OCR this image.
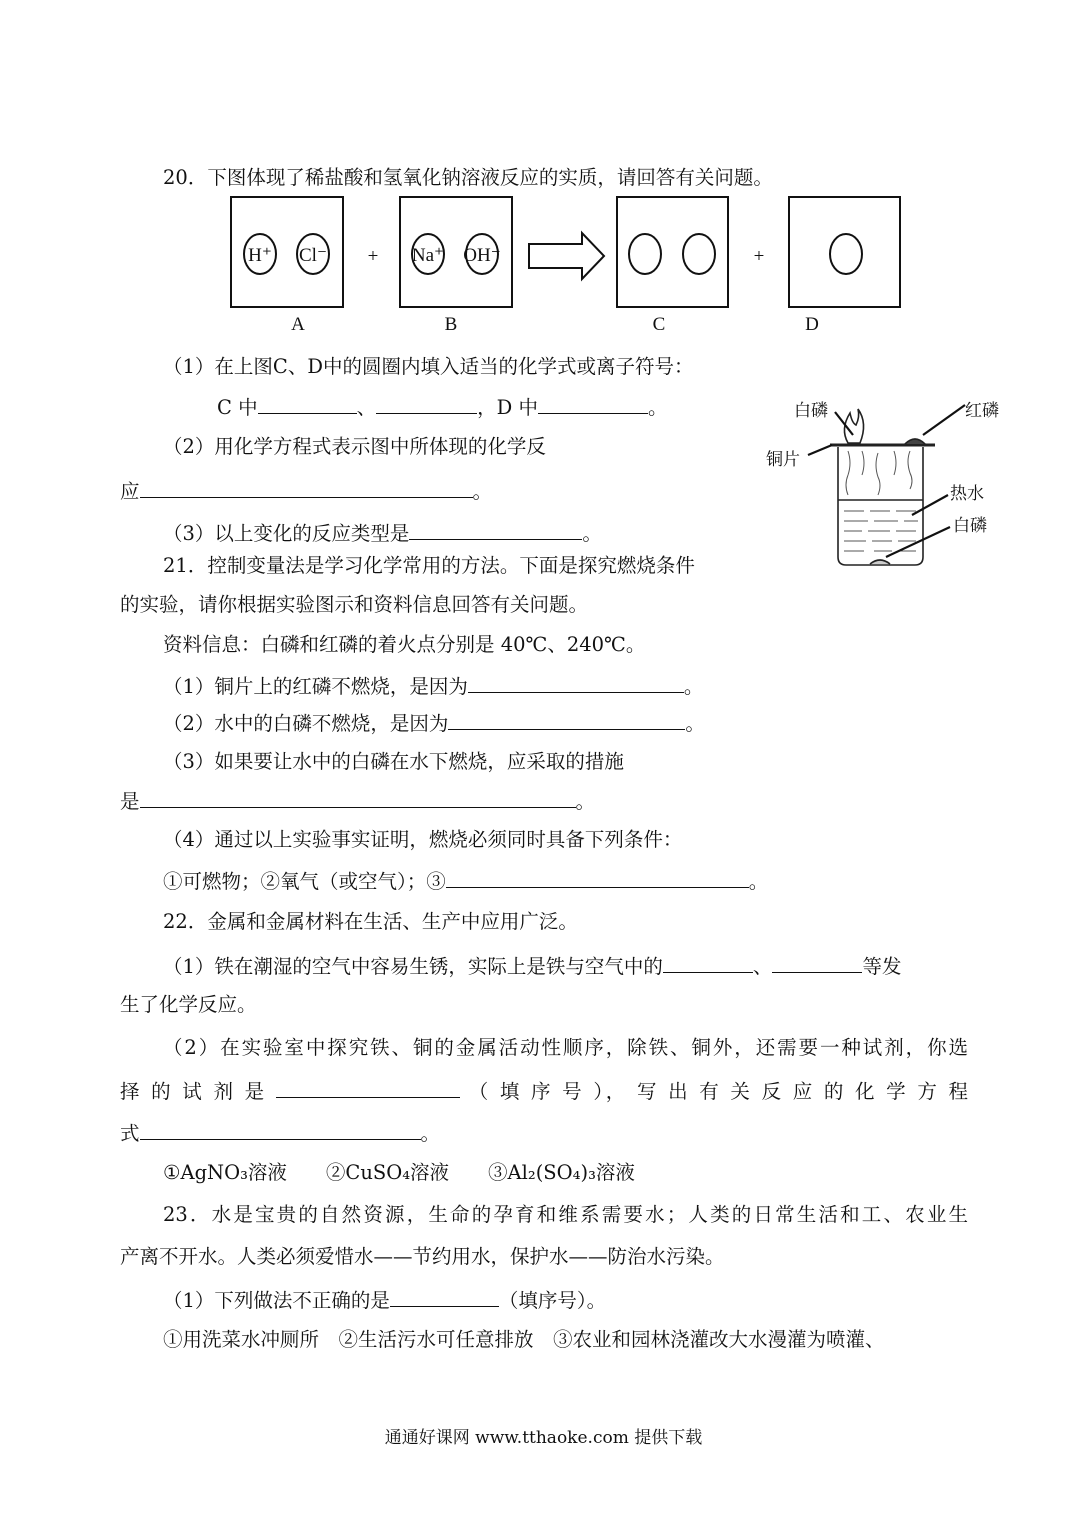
H⁺ Cl⁻	Na⁺ OH⁻
+	+
A	B	C	D
白磷	红磷
铜片
热水
白磷
20．下图体现了稀盐酸和氢氧化钠溶液反应的实质，请回答有关问题。
（1）在上图C、D中的圆圈内填入适当的化学式或离子符号：
C 中	、	，D 中	。
（2）用化学方程式表示图中所体现的化学反
应	。
（3）以上变化的反应类型是	。
21．控制变量法是学习化学常用的方法。下面是探究燃烧条件
的实验，请你根据实验图示和资料信息回答有关问题。
资料信息：白磷和红磷的着火点分别是 40℃、240℃。
（1）铜片上的红磷不燃烧，是因为	。
（2）水中的白磷不燃烧，是因为	。
（3）如果要让水中的白磷在水下燃烧，应采取的措施
是	。
（4）通过以上实验事实证明，燃烧必须同时具备下列条件：
①可燃物；②氧气（或空气）；③	。
22．金属和金属材料在生活、生产中应用广泛。
（1）铁在潮湿的空气中容易生锈，实际上是铁与空气中的	、	等发
生了化学反应。
（2）在实验室中探究铁、铜的金属活动性顺序，除铁、铜外，还需要一种试剂，你选
择 的 试 剂 是	（ 填 序 号 ）， 写 出 有 关 反 应 的 化 学 方 程
式	。
①AgNO₃溶液　　②CuSO₄溶液　　③Al₂(SO₄)₃溶液
23．水是宝贵的自然资源，生命的孕育和维系需要水；人类的日常生活和工、农业生
产离不开水。人类必须爱惜水——节约用水，保护水——防治水污染。
（1）下列做法不正确的是	（填序号）。
①用洗菜水冲厕所　②生活污水可任意排放　③农业和园林浇灌改大水漫灌为喷灌、
通通好课网 www.tthaoke.com 提供下载
